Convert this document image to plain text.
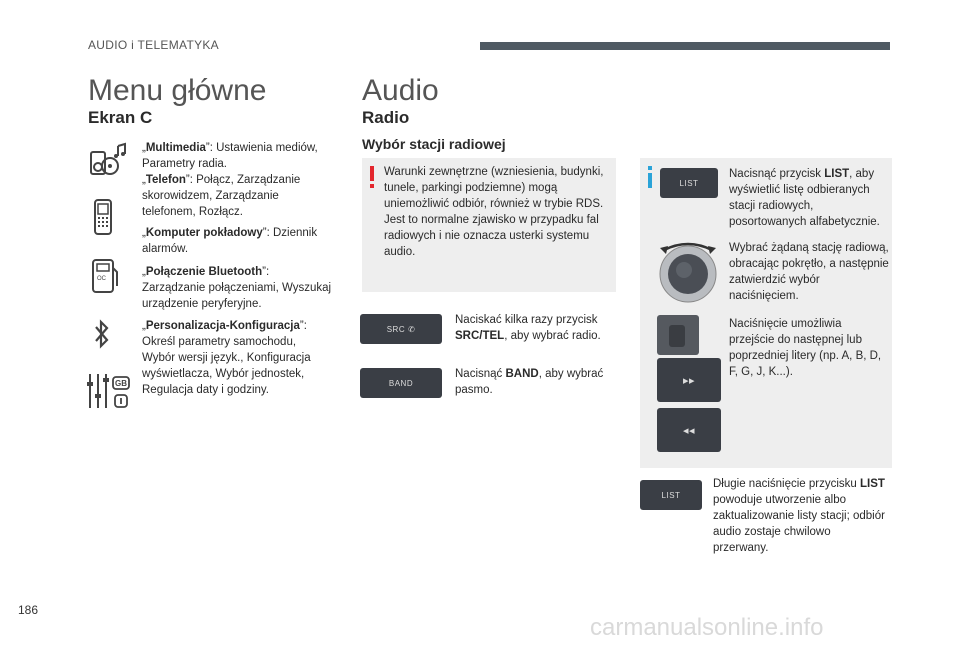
AUDIO i TELEMATYKA
Menu główne
Ekran C
„Multimedia”: Ustawienia mediów, Parametry radia.
„Telefon”: Połącz, Zarządzanie skorowidzem, Zarządzanie telefonem, Rozłącz.
„Komputer pokładowy”: Dziennik alarmów.
OC
„Połączenie Bluetooth”: Zarządzanie połączeniami, Wyszukaj urządzenie peryferyjne.
„Personalizacja-Konfiguracja”: Określ parametry samochodu, Wybór wersji język., Konfiguracja wyświetlacza, Wybór jednostek, Regulacja daty i godziny.
GB
Audio
Radio
Wybór stacji radiowej
Warunki zewnętrzne (wzniesienia, budynki, tunele, parkingi podziemne) mogą uniemożliwić odbiór, również w trybie RDS. Jest to normalne zjawisko w przypadku fal radiowych i nie oznacza usterki systemu audio.
SRC ✆
Naciskać kilka razy przycisk SRC/TEL, aby wybrać radio.
BAND
Nacisnąć BAND, aby wybrać pasmo.
LIST
Nacisnąć przycisk LIST, aby wyświetlić listę odbieranych stacji radiowych, posortowanych alfabetycznie.
Wybrać żądaną stację radiową, obracając pokrętło, a następnie zatwierdzić wybór naciśnięciem.
Naciśnięcie umożliwia przejście do następnej lub poprzedniej litery (np. A, B, D, F, G, J, K...).
▸▸
◂◂
LIST
Długie naciśnięcie przycisku LIST powoduje utworzenie albo zaktualizowanie listy stacji; odbiór audio zostaje chwilowo przerwany.
186
carmanualsonline.info
